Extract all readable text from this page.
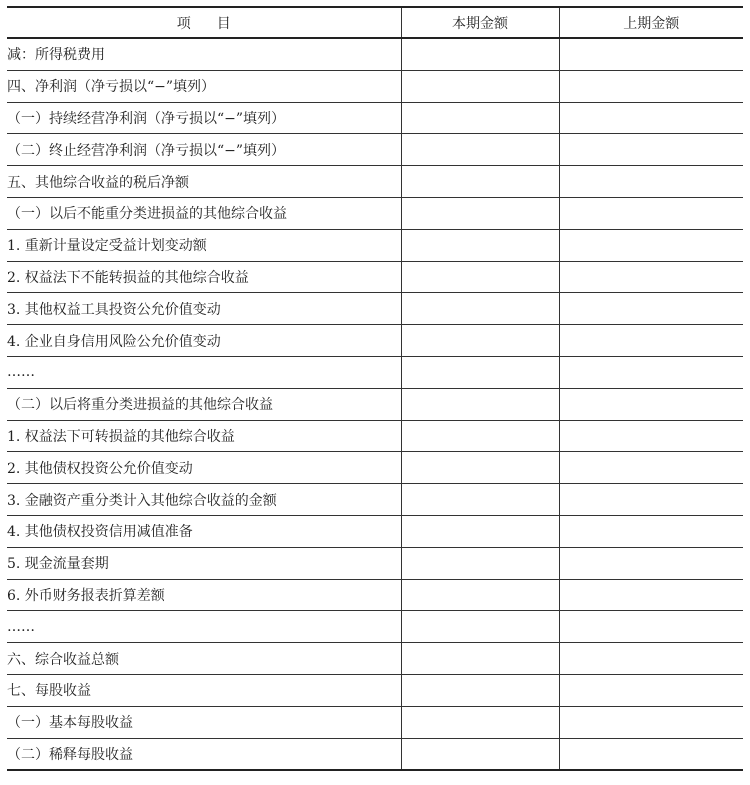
项目	本期金额	上期金额
减：所得税费用		
四、净利润（净亏损以“−”填列）		
（一）持续经营净利润（净亏损以“−”填列）		
（二）终止经营净利润（净亏损以“−”填列）		
五、其他综合收益的税后净额		
（一）以后不能重分类进损益的其他综合收益		
1. 重新计量设定受益计划变动额		
2. 权益法下不能转损益的其他综合收益		
3. 其他权益工具投资公允价值变动		
4. 企业自身信用风险公允价值变动		
……		
（二）以后将重分类进损益的其他综合收益		
1. 权益法下可转损益的其他综合收益		
2. 其他债权投资公允价值变动		
3. 金融资产重分类计入其他综合收益的金额		
4. 其他债权投资信用减值准备		
5. 现金流量套期		
6. 外币财务报表折算差额		
……		
六、综合收益总额		
七、每股收益		
（一）基本每股收益		
（二）稀释每股收益		
